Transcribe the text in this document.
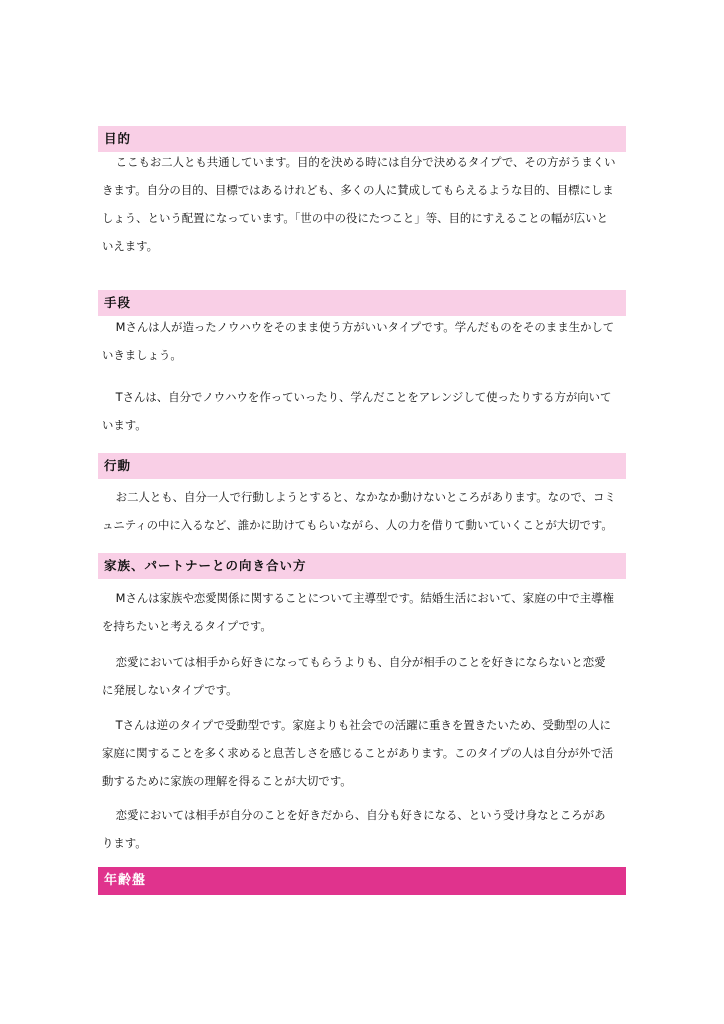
目的

ここもお二人とも共通しています。目的を決める時には自分で決めるタイプで、その方がうまくいきます。自分の目的、目標ではあるけれども、多くの人に賛成してもらえるような目的、目標にしましょう、という配置になっています。「世の中の役にたつこと」等、目的にすえることの幅が広いといえます。

手段

Mさんは人が造ったノウハウをそのまま使う方がいいタイプです。学んだものをそのまま生かしていきましょう。

Tさんは、自分でノウハウを作っていったり、学んだことをアレンジして使ったりする方が向いています。

行動

お二人とも、自分一人で行動しようとすると、なかなか動けないところがあります。なので、コミュニティの中に入るなど、誰かに助けてもらいながら、人の力を借りて動いていくことが大切です。

家族、パートナーとの向き合い方

Mさんは家族や恋愛関係に関することについて主導型です。結婚生活において、家庭の中で主導権を持ちたいと考えるタイプです。

恋愛においては相手から好きになってもらうよりも、自分が相手のことを好きにならないと恋愛に発展しないタイプです。

Tさんは逆のタイプで受動型です。家庭よりも社会での活躍に重きを置きたいため、受動型の人に家庭に関することを多く求めると息苦しさを感じることがあります。このタイプの人は自分が外で活動するために家族の理解を得ることが大切です。

恋愛においては相手が自分のことを好きだから、自分も好きになる、という受け身なところがあります。

年齢盤
